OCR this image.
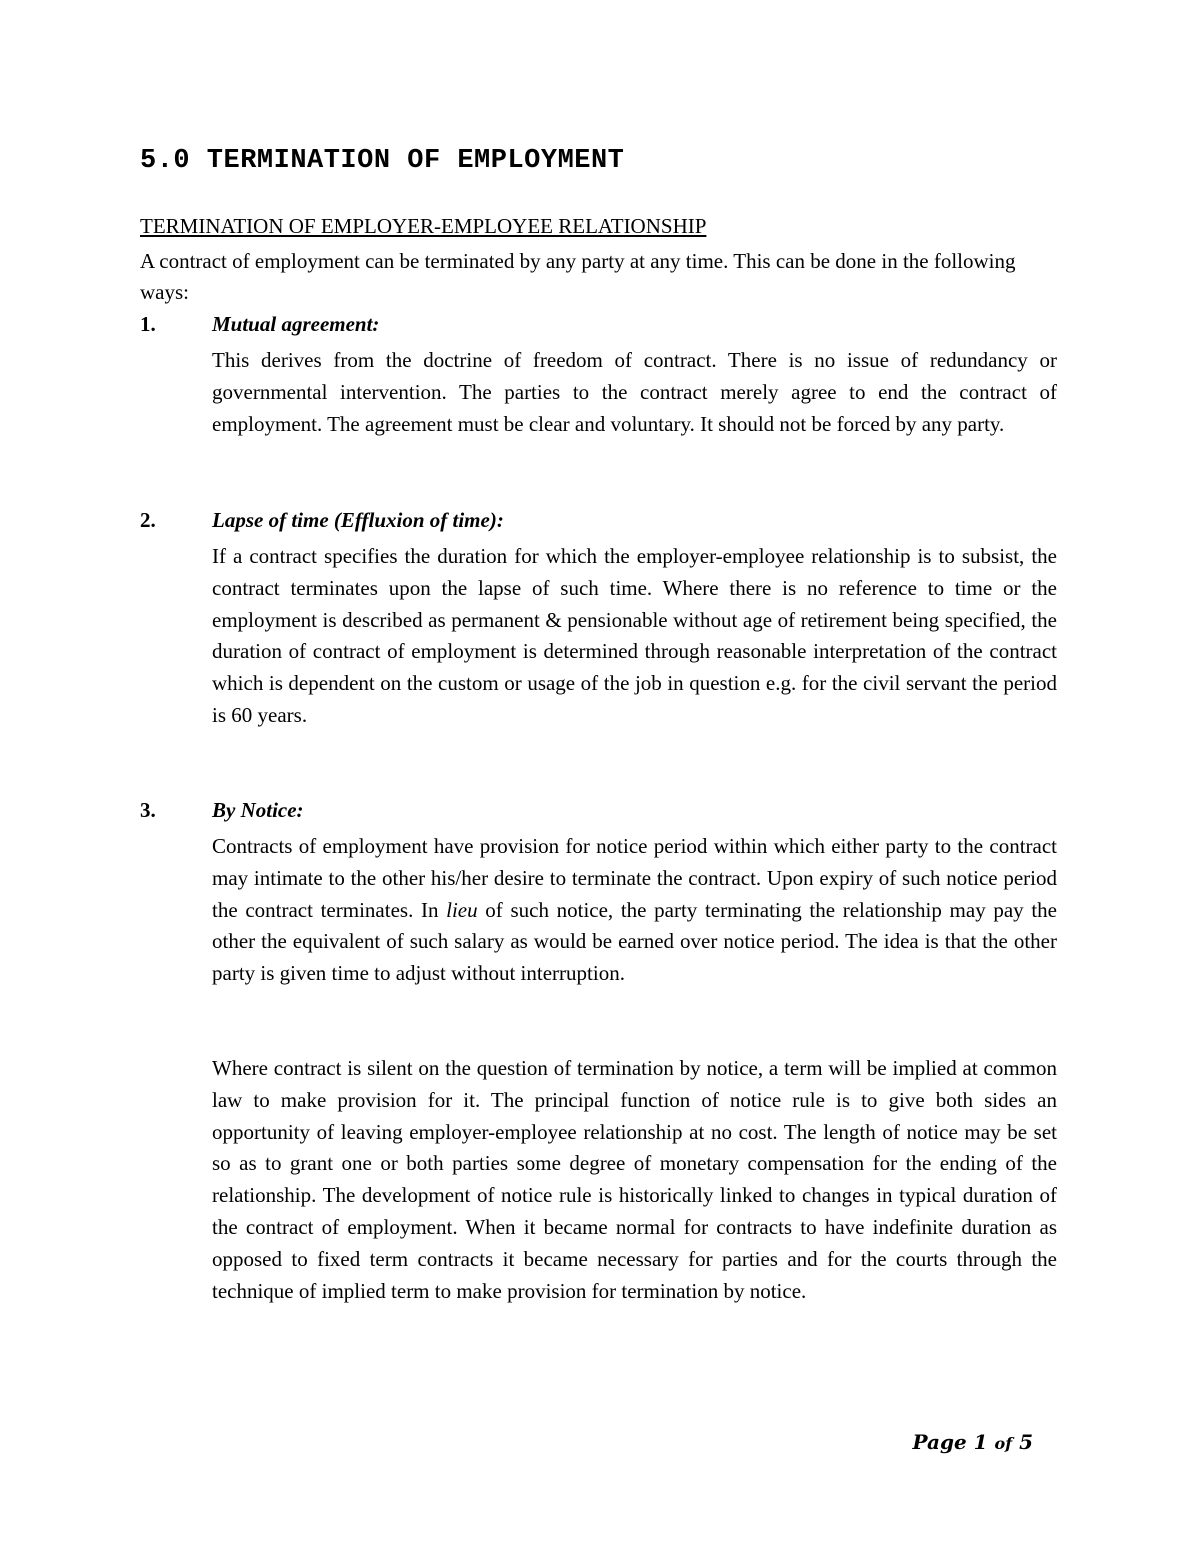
5.0 TERMINATION OF EMPLOYMENT
TERMINATION OF EMPLOYER-EMPLOYEE RELATIONSHIP

A contract of employment can be terminated by any party at any time. This can be done in the following ways:

1.	Mutual agreement:

This derives from the doctrine of freedom of contract. There is no issue of redundancy or governmental intervention. The parties to the contract merely agree to end the contract of employment. The agreement must be clear and voluntary. It should not be forced by any party.

2.	Lapse of time (Effluxion of time):

If a contract specifies the duration for which the employer-employee relationship is to subsist, the contract terminates upon the lapse of such time. Where there is no reference to time or the employment is described as permanent & pensionable without age of retirement being specified, the duration of contract of employment is determined through reasonable interpretation of the contract which is dependent on the custom or usage of the job in question e.g. for the civil servant the period is 60 years.

3.	By Notice:

Contracts of employment have provision for notice period within which either party to the contract may intimate to the other his/her desire to terminate the contract. Upon expiry of such notice period the contract terminates. In lieu of such notice, the party terminating the relationship may pay the other the equivalent of such salary as would be earned over notice period. The idea is that the other party is given time to adjust without interruption.

Where contract is silent on the question of termination by notice, a term will be implied at common law to make provision for it. The principal function of notice rule is to give both sides an opportunity of leaving employer-employee relationship at no cost. The length of notice may be set so as to grant one or both parties some degree of monetary compensation for the ending of the relationship. The development of notice rule is historically linked to changes in typical duration of the contract of employment. When it became normal for contracts to have indefinite duration as opposed to fixed term contracts it became necessary for parties and for the courts through the technique of implied term to make provision for termination by notice.

Page 1 of 5
